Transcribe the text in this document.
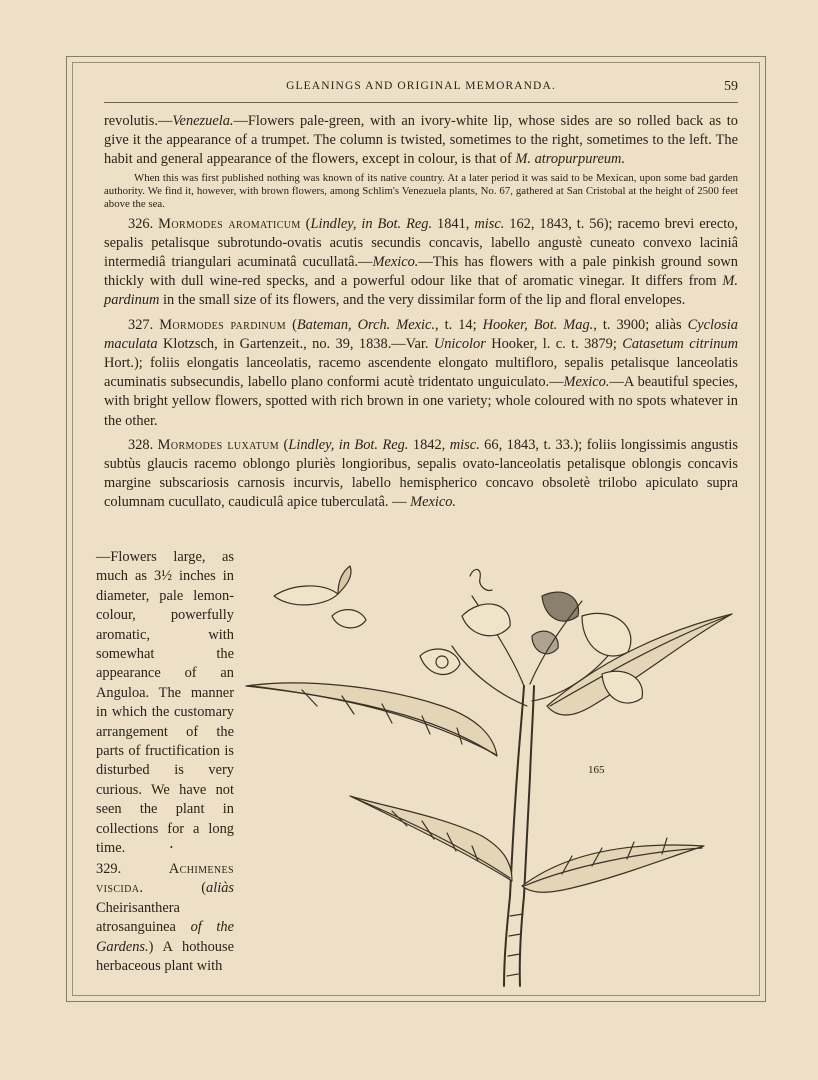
GLEANINGS AND ORIGINAL MEMORANDA.	59

revolutis.—Venezuela.—Flowers pale-green, with an ivory-white lip, whose sides are so rolled back as to give it the appearance of a trumpet. The column is twisted, sometimes to the right, sometimes to the left. The habit and general appearance of the flowers, except in colour, is that of M. atropurpureum.

When this was first published nothing was known of its native country. At a later period it was said to be Mexican, upon some bad garden authority. We find it, however, with brown flowers, among Schlim's Venezuela plants, No. 67, gathered at San Cristobal at the height of 2500 feet above the sea.

326. Mormodes aromaticum (Lindley, in Bot. Reg. 1841, misc. 162, 1843, t. 56); racemo brevi erecto, sepalis petalisque subrotundo-ovatis acutis secundis concavis, labello angustè cuneato convexo laciniâ intermediâ triangulari acuminatâ cucullatâ.—Mexico.—This has flowers with a pale pinkish ground sown thickly with dull wine-red specks, and a powerful odour like that of aromatic vinegar. It differs from M. pardinum in the small size of its flowers, and the very dissimilar form of the lip and floral envelopes.

327. Mormodes pardinum (Bateman, Orch. Mexic., t. 14; Hooker, Bot. Mag., t. 3900; aliàs Cyclosia maculata Klotzsch, in Gartenzeit., no. 39, 1838.—Var. Unicolor Hooker, l. c. t. 3879; Catasetum citrinum Hort.); foliis elongatis lanceolatis, racemo ascendente elongato multifloro, sepalis petalisque lanceolatis acuminatis subsecundis, labello plano conformi acutè tridentato unguiculato.—Mexico.—A beautiful species, with bright yellow flowers, spotted with rich brown in one variety; whole coloured with no spots whatever in the other.

328. Mormodes luxatum (Lindley, in Bot. Reg. 1842, misc. 66, 1843, t. 33.); foliis longissimis angustis subtùs glaucis racemo oblongo pluriès longioribus, sepalis ovato-lanceolatis petalisque oblongis concavis margine subscariosis carnosis incurvis, labello hemispherico concavo obsoletè trilobo apiculato supra columnam cucullato, caudiculâ apice tuberculatâ. — Mexico.

—Flowers large, as much as 3½ inches in diameter, pale lemon-colour, powerfully aromatic, with somewhat the appearance of an Anguloa. The manner in which the customary arrangement of the parts of fructification is disturbed is very curious. We have not seen the plant in collections for a long time.	•

329.	Achimenes viscida. (aliàs Cheirisanthera atrosanguinea of the Gardens.) A hothouse herbaceous plant with

165
